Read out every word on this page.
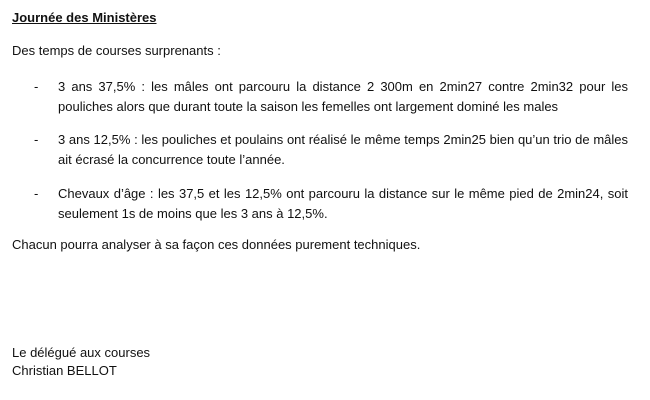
Journée des Ministères

Des temps de courses surprenants :

- 3 ans 37,5% : les mâles ont parcouru la distance 2 300m en 2min27 contre 2min32 pour les pouliches alors que durant toute la saison les femelles ont largement dominé les males
- 3 ans 12,5% : les pouliches et poulains ont réalisé le même temps 2min25 bien qu’un trio de mâles ait écrasé la concurrence toute l’année.
- Chevaux d’âge : les 37,5 et les 12,5% ont parcouru la distance sur le même pied de 2min24, soit seulement 1s de moins que les 3 ans à 12,5%.

Chacun pourra analyser à sa façon ces données purement techniques.

Le délégué aux courses
Christian BELLOT
